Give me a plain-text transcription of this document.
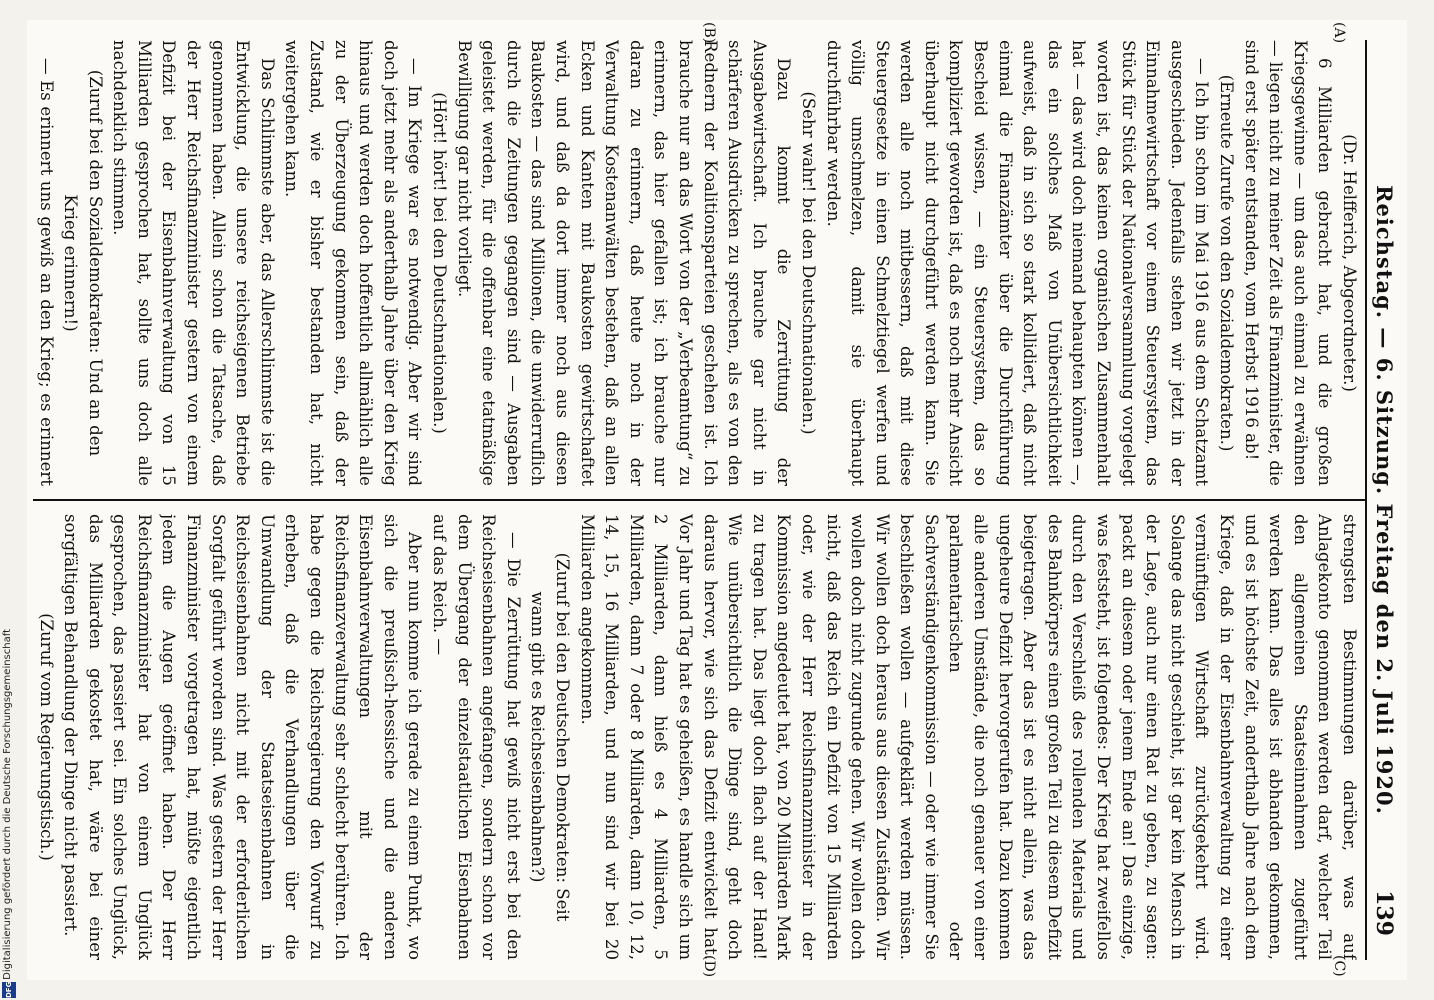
Reichstag. — 6. Sitzung. Freitag den 2. Juli 1920.
139
(A)
(B)
(C)
(D)

(Dr. Helfferich, Abgeordneter.)

6 Milliarden gebracht hat, und die großen Kriegsgewinne — um das auch einmal zu erwähnen — liegen nicht zu meiner Zeit als Finanzminister, die sind erst später entstanden, vom Herbst 1916 ab!

(Erneute Zurufe von den Sozialdemokraten.)

— Ich bin schon im Mai 1916 aus dem Schatzamt ausgeschieden. Jedenfalls stehen wir jetzt in der Einnahmewirtschaft vor einem Steuersystem, das Stück für Stück der Nationalversammlung vorgelegt worden ist, das keinen organischen Zusammenhalt hat — das wird doch niemand behaupten können —, das ein solches Maß von Unübersichtlichkeit aufweist, daß in sich so stark kollidiert, daß nicht einmal die Finanzämter über die Durchführung Bescheid wissen, — ein Steuersystem, das so kompliziert geworden ist, daß es noch mehr Ansicht überhaupt nicht durchgeführt werden kann. Sie werden alle noch mitbessern, daß mit diese Steuergesetze in einen Schmelztiegel werfen und völlig umschmelzen, damit sie überhaupt durchführbar werden.

(Sehr wahr! bei den Deutschnationalen.)

Dazu kommt die Zerrüttung der Ausgabewirtschaft. Ich brauche gar nicht in schärferen Ausdrücken zu sprechen, als es von den Rednern der Koalitionsparteien geschehen ist. Ich brauche nur an das Wort von der „Verbeamtung“ zu erinnern, das hier gefallen ist; ich brauche nur daran zu erinnern, daß heute noch in der Verwaltung Kostenanwälten bestehen, daß an allen Ecken und Kanten mit Baukosten gewirtschaftet wird, und daß da dort immer noch aus diesen Baukosten — das sind Millionen, die unwiderruflich durch die Zeitungen gegangen sind — Ausgaben geleistet werden, für die offenbar eine etatmäßige Bewilligung gar nicht vorliegt.

(Hört! hört! bei den Deutschnationalen.)

— Im Kriege war es notwendig. Aber wir sind doch jetzt mehr als anderthalb Jahre über den Krieg hinaus und werden doch hoffentlich allmählich alle zu der Überzeugung gekommen sein, daß der Zustand, wie er bisher bestanden hat, nicht weitergehen kann.

Das Schlimmste aber, das Allerschlimmste ist die Entwicklung, die unsere reichseigenen Betriebe genommen haben. Allein schon die Tatsache, daß der Herr Reichsfinanzminister gestern von einem Defizit bei der Eisenbahnverwaltung von 15 Milliarden gesprochen hat, sollte uns doch alle nachdenklich stimmen.

(Zuruf bei den Sozialdemokraten: Und an den Krieg erinnern!)

— Es erinnert uns gewiß an den Krieg; es erinnert

strengsten Bestimmungen darüber, was auf Anlagekonto genommen werden darf, welcher Teil den allgemeinen Staatseinnahmen zugeführt werden kann. Das alles ist abhanden gekommen, und es ist höchste Zeit, anderthalb Jahre nach dem Kriege, daß in der Eisenbahnverwaltung zu einer vernünftigen Wirtschaft zurückgekehrt wird. Solange das nicht geschieht, ist gar kein Mensch in der Lage, auch nur einen Rat zu geben, zu sagen: packt an diesem oder jenem Ende an! Das einzige, was feststeht, ist folgendes: Der Krieg hat zweifellos durch den Verschleiß des rollenden Materials und des Bahnkörpers einen großen Teil zu diesem Defizit beigetragen. Aber das ist es nicht allein, was das ungeheure Defizit hervorgerufen hat. Dazu kommen alle anderen Umstände, die noch genauer von einer parlamentarischen oder Sachverständigenkommission — oder wie immer Sie beschließen wollen — aufgeklärt werden müssen. Wir wollen doch heraus aus diesen Zuständen. Wir wollen doch nicht zugrunde gehen. Wir wollen doch nicht, daß das Reich ein Defizit von 15 Milliarden oder, wie der Herr Reichsfinanzminister in der Kommission angedeutet hat, von 20 Milliarden Mark zu tragen hat. Das liegt doch flach auf der Hand! Wie unübersichtlich die Dinge sind, geht doch daraus hervor, wie sich das Defizit entwickelt hat. Vor Jahr und Tag hat es geheißen, es handle sich um 2 Milliarden, dann hieß es 4 Milliarden, 5 Milliarden, dann 7 oder 8 Milliarden, dann 10, 12, 14, 15, 16 Milliarden, und nun sind wir bei 20 Milliarden angekommen.

(Zuruf bei den Deutschen Demokraten: Seit wann gibt es Reichseisenbahnen?)

— Die Zerrüttung hat gewiß nicht erst bei den Reichseisenbahnen angefangen, sondern schon vor dem Übergang der einzelstaatlichen Eisenbahnen auf das Reich. —

Aber nun komme ich gerade zu einem Punkt, wo sich die preußisch-hessische und die anderen Eisenbahnverwaltungen mit der Reichsfinanzverwaltung sehr schlecht berühren. Ich habe gegen die Reichsregierung den Vorwurf zu erheben, daß die Verhandlungen über die Umwandlung der Staatseisenbahnen in Reichseisenbahnen nicht mit der erforderlichen Sorgfalt geführt worden sind. Was gestern der Herr Finanzminister vorgetragen hat, müßte eigentlich jedem die Augen geöffnet haben. Der Herr Reichsfinanzminister hat von einem Unglück gesprochen, das passiert sei. Ein solches Unglück, das Milliarden gekostet hat, wäre bei einer sorgfältigen Behandlung der Dinge nicht passiert.

(Zuruf vom Regierungstisch.)

Digitalisierung gefördert durch die Deutsche Forschungsgemeinschaft
DFG
